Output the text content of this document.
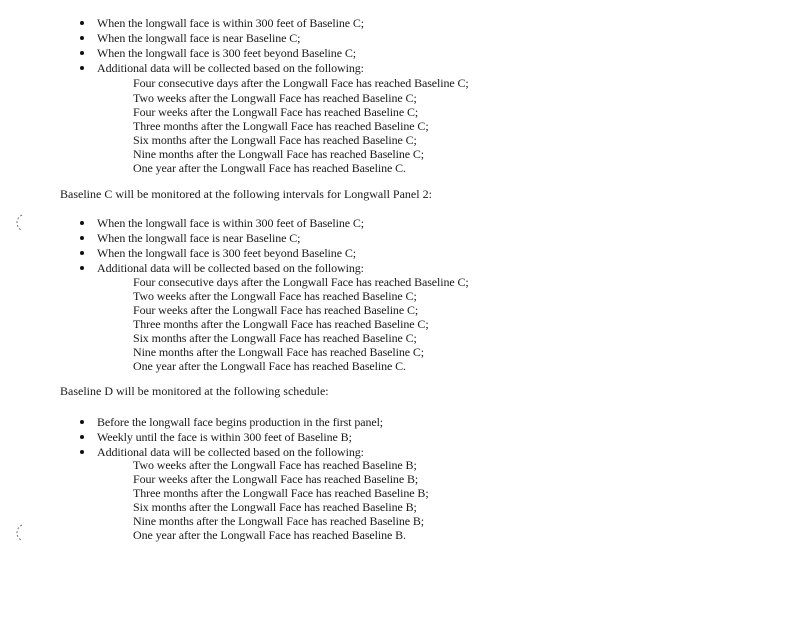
When the longwall face is within 300 feet of Baseline C;
When the longwall face is near Baseline C;
When the longwall face is 300 feet beyond Baseline C;
Additional data will be collected based on the following:
Four consecutive days after the Longwall Face has reached Baseline C;
Two weeks after the Longwall Face has reached Baseline C;
Four weeks after the Longwall Face has reached Baseline C;
Three months after the Longwall Face has reached Baseline C;
Six months after the Longwall Face has reached Baseline C;
Nine months after the Longwall Face has reached Baseline C;
One year after the Longwall Face has reached Baseline C.
Baseline C will be monitored at the following intervals for Longwall Panel 2:
When the longwall face is within 300 feet of Baseline C;
When the longwall face is near Baseline C;
When the longwall face is 300 feet beyond Baseline C;
Additional data will be collected based on the following:
Four consecutive days after the Longwall Face has reached Baseline C;
Two weeks after the Longwall Face has reached Baseline C;
Four weeks after the Longwall Face has reached Baseline C;
Three months after the Longwall Face has reached Baseline C;
Six months after the Longwall Face has reached Baseline C;
Nine months after the Longwall Face has reached Baseline C;
One year after the Longwall Face has reached Baseline C.
Baseline D will be monitored at the following schedule:
Before the longwall face begins production in the first panel;
Weekly until the face is within 300 feet of Baseline B;
Additional data will be collected based on the following:
Two weeks after the Longwall Face has reached Baseline B;
Four weeks after the Longwall Face has reached Baseline B;
Three months after the Longwall Face has reached Baseline B;
Six months after the Longwall Face has reached Baseline B;
Nine months after the Longwall Face has reached Baseline B;
One year after the Longwall Face has reached Baseline B.
